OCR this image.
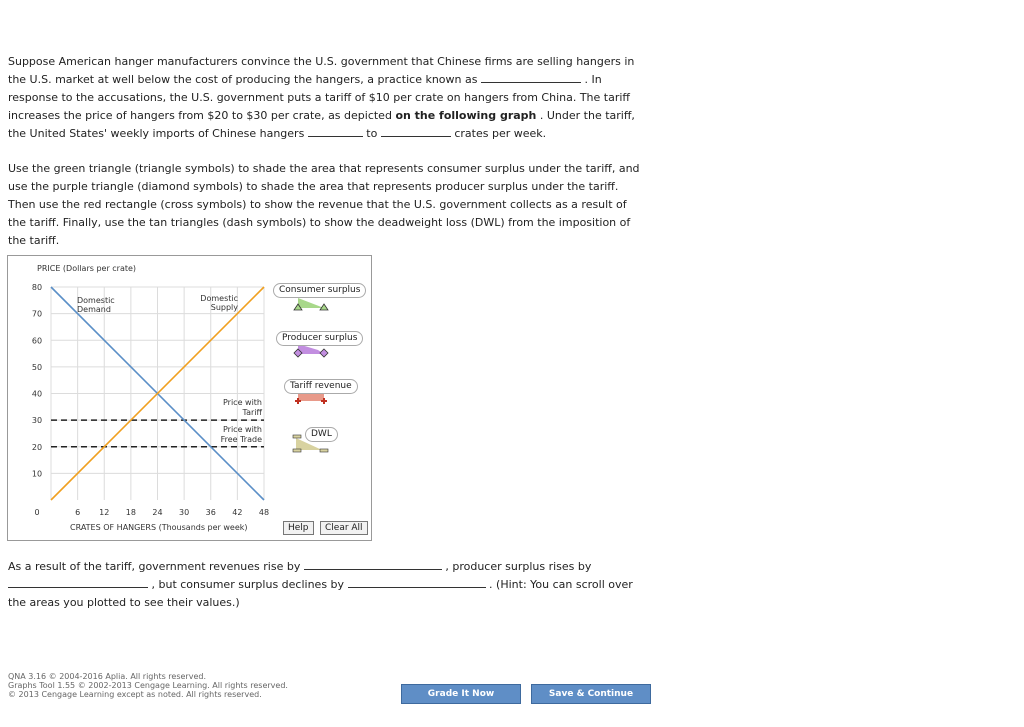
Suppose American hanger manufacturers convince the U.S. government that Chinese firms are selling hangers in the U.S. market at well below the cost of producing the hangers, a practice known as	. In response to the accusations, the U.S. government puts a tariff of $10 per crate on hangers from China. The tariff increases the price of hangers from $20 to $30 per crate, as depicted on the following graph . Under the tariff, the United States' weekly imports of Chinese hangers	to	crates per week.
Use the green triangle (triangle symbols) to shade the area that represents consumer surplus under the tariff, and use the purple triangle (diamond symbols) to shade the area that represents producer surplus under the tariff. Then use the red rectangle (cross symbols) to show the revenue that the U.S. government collects as a result of the tariff. Finally, use the tan triangles (dash symbols) to show the deadweight loss (DWL) from the imposition of the tariff.
10
20
30
40
50
60
70
80
6 12 18 24 30 36 42 48
0
PRICE (Dollars per crate)
CRATES OF HANGERS (Thousands per week)
Price with
Tariff
Price with
Free Trade
Domestic
Demand
Domestic
Supply
Consumer surplus
Producer surplus
Tariff revenue
DWL
Help	Clear All
As a result of the tariff, government revenues rise by	, producer surplus rises by  , but consumer surplus declines by	. (Hint: You can scroll over the areas you plotted to see their values.)
QNA 3.16 © 2004-2016 Aplia. All rights reserved.
Graphs Tool 1.55 © 2002-2013 Cengage Learning. All rights reserved.
© 2013 Cengage Learning except as noted. All rights reserved.	Grade It Now	Save & Continue
